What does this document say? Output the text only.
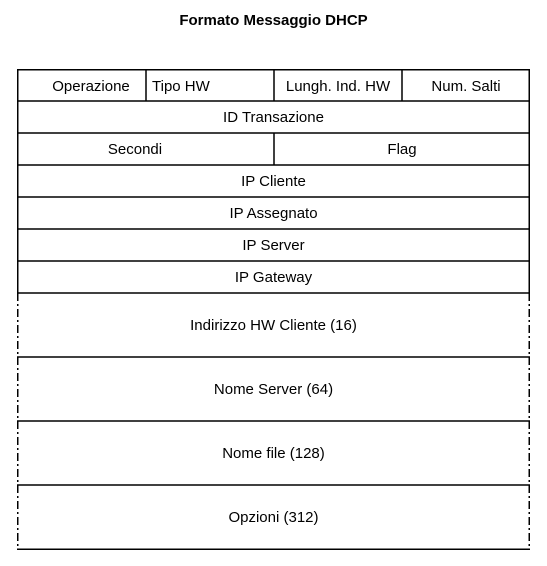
Formato Messaggio DHCP
Operazione	Tipo HW	Lungh. Ind. HW	Num. Salti
ID Transazione
Secondi	Flag
IP Cliente
IP Assegnato
IP Server
IP Gateway
Indirizzo HW Cliente (16)
Nome Server (64)
Nome file (128)
Opzioni (312)
